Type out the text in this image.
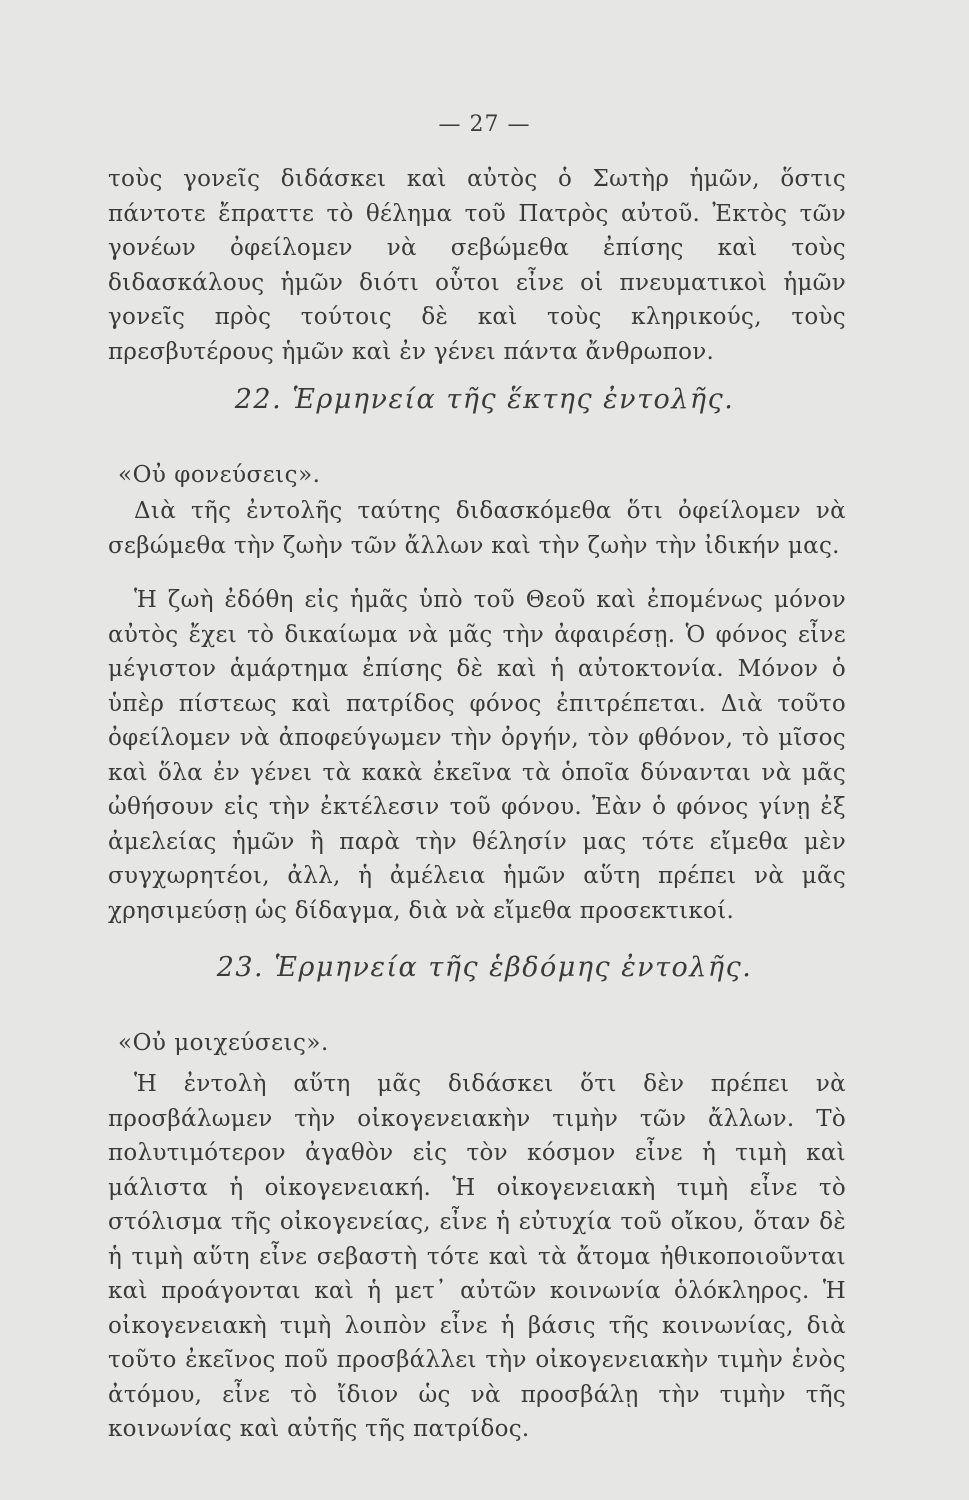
— 27 —

τοὺς γονεῖς διδάσκει καὶ αὐτὸς ὁ Σωτὴρ ἡμῶν, ὅστις πάντοτε ἔπραττε τὸ θέλημα τοῦ Πατρὸς αὐτοῦ. Ἐκτὸς τῶν γονέων ὀφείλομεν νὰ σεβώμεθα ἐπίσης καὶ τοὺς διδασκάλους ἡμῶν διότι οὗτοι εἶνε οἱ πνευματικοὶ ἡμῶν γονεῖς πρὸς τούτοις δὲ καὶ τοὺς κληρικούς, τοὺς πρεσβυτέρους ἡμῶν καὶ ἐν γένει πάντα ἄνθρωπον.

22. Ἑρμηνεία τῆς ἕκτης ἐντολῆς.
«Οὐ φονεύσεις».

Διὰ τῆς ἐντολῆς ταύτης διδασκόμεθα ὅτι ὀφείλομεν νὰ σεβώμεθα τὴν ζωὴν τῶν ἄλλων καὶ τὴν ζωὴν τὴν ἰδικήν μας.

Ἡ ζωὴ ἐδόθη εἰς ἡμᾶς ὑπὸ τοῦ Θεοῦ καὶ ἐπομένως μόνον αὐτὸς ἔχει τὸ δικαίωμα νὰ μᾶς τὴν ἀφαιρέσῃ. Ὁ φόνος εἶνε μέγιστον ἁμάρτημα ἐπίσης δὲ καὶ ἡ αὐτοκτονία. Μόνον ὁ ὑπὲρ πίστεως καὶ πατρίδος φόνος ἐπιτρέπεται. Διὰ τοῦτο ὀφείλομεν νὰ ἀποφεύγωμεν τὴν ὀργήν, τὸν φθόνον, τὸ μῖσος καὶ ὅλα ἐν γένει τὰ κακὰ ἐκεῖνα τὰ ὁποῖα δύνανται νὰ μᾶς ὠθήσουν εἰς τὴν ἐκτέλεσιν τοῦ φόνου. Ἐὰν ὁ φόνος γίνῃ ἐξ ἀμελείας ἡμῶν ἢ παρὰ τὴν θέλησίν μας τότε εἴμεθα μὲν συγχωρητέοι, ἀλλ, ἡ ἀμέλεια ἡμῶν αὕτη πρέπει νὰ μᾶς χρησιμεύσῃ ὡς δίδαγμα, διὰ νὰ εἴμεθα προσεκτικοί.

23. Ἑρμηνεία τῆς ἑβδόμης ἐντολῆς.
«Οὐ μοιχεύσεις».

Ἡ ἐντολὴ αὕτη μᾶς διδάσκει ὅτι δὲν πρέπει νὰ προσβάλωμεν τὴν οἰκογενειακὴν τιμὴν τῶν ἄλλων. Τὸ πολυτιμότερον ἀγαθὸν εἰς τὸν κόσμον εἶνε ἡ τιμὴ καὶ μάλιστα ἡ οἰκογενειακή. Ἡ οἰκογενειακὴ τιμὴ εἶνε τὸ στόλισμα τῆς οἰκογενείας, εἶνε ἡ εὐτυχία τοῦ οἴκου, ὅταν δὲ ἡ τιμὴ αὕτη εἶνε σεβαστὴ τότε καὶ τὰ ἄτομα ἠθικοποιοῦνται καὶ προάγονται καὶ ἡ μετ᾽ αὐτῶν κοινωνία ὁλόκληρος. Ἡ οἰκογενειακὴ τιμὴ λοιπὸν εἶνε ἡ βάσις τῆς κοινωνίας, διὰ τοῦτο ἐκεῖνος ποῦ προσβάλλει τὴν οἰκογενειακὴν τιμὴν ἑνὸς ἀτόμου, εἶνε τὸ ἴδιον ὡς νὰ προσβάλῃ τὴν τιμὴν τῆς κοινωνίας καὶ αὐτῆς τῆς πατρίδος.
